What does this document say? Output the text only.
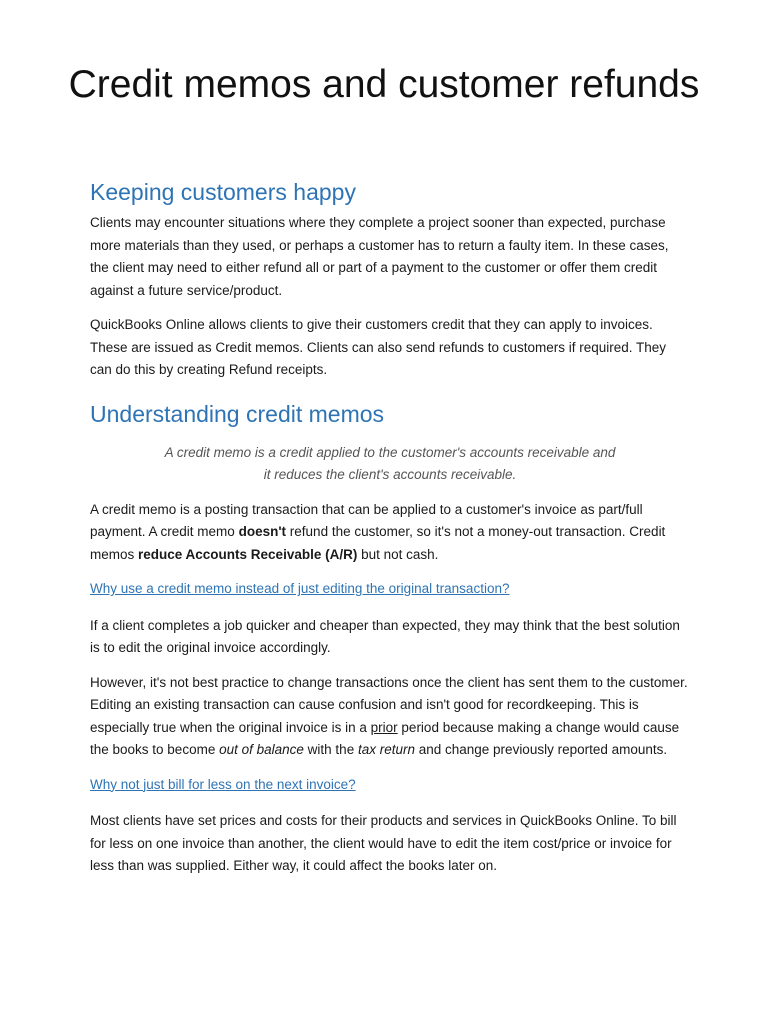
Credit memos and customer refunds
Keeping customers happy

Clients may encounter situations where they complete a project sooner than expected, purchase more materials than they used, or perhaps a customer has to return a faulty item. In these cases, the client may need to either refund all or part of a payment to the customer or offer them credit against a future service/product.

QuickBooks Online allows clients to give their customers credit that they can apply to invoices. These are issued as Credit memos. Clients can also send refunds to customers if required. They can do this by creating Refund receipts.

Understanding credit memos

A credit memo is a credit applied to the customer's accounts receivable and it reduces the client's accounts receivable.

A credit memo is a posting transaction that can be applied to a customer's invoice as part/full payment. A credit memo doesn't refund the customer, so it's not a money-out transaction. Credit memos reduce Accounts Receivable (A/R) but not cash.

Why use a credit memo instead of just editing the original transaction?

If a client completes a job quicker and cheaper than expected, they may think that the best solution is to edit the original invoice accordingly.

However, it's not best practice to change transactions once the client has sent them to the customer. Editing an existing transaction can cause confusion and isn't good for recordkeeping. This is especially true when the original invoice is in a prior period because making a change would cause the books to become out of balance with the tax return and change previously reported amounts.

Why not just bill for less on the next invoice?

Most clients have set prices and costs for their products and services in QuickBooks Online. To bill for less on one invoice than another, the client would have to edit the item cost/price or invoice for less than was supplied. Either way, it could affect the books later on.
